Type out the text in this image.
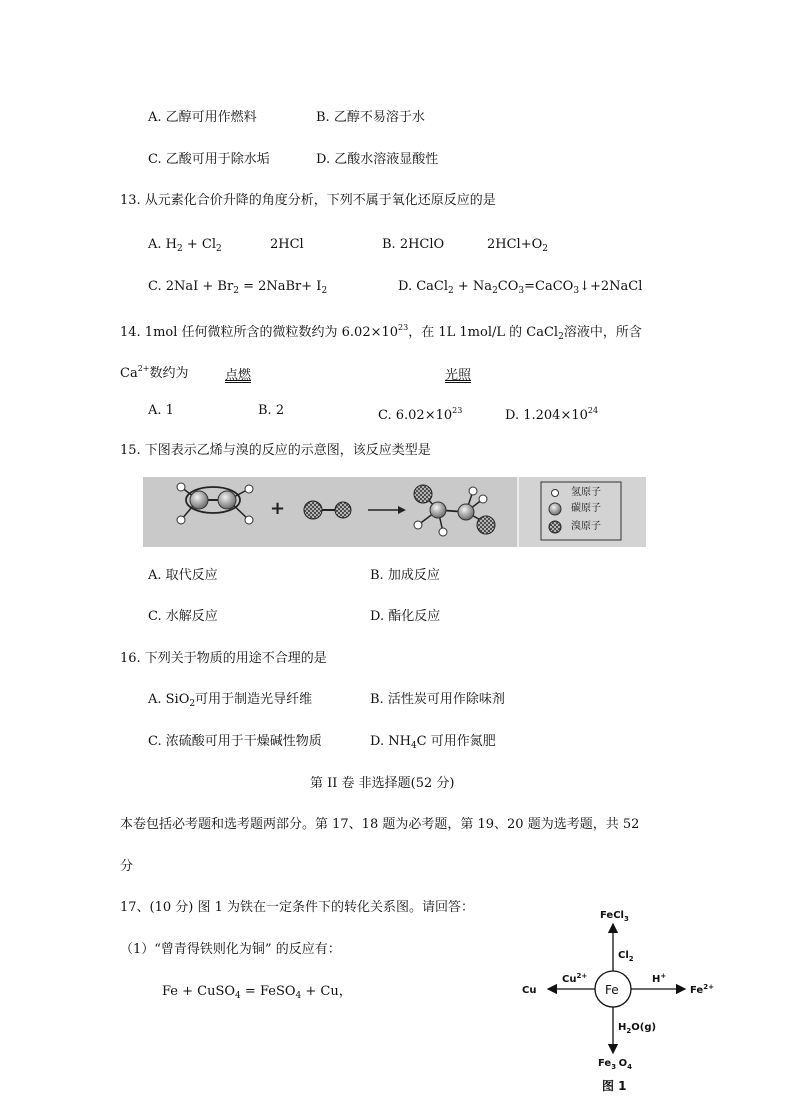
A. 乙醇可用作燃料	B. 乙醇不易溶于水
C. 乙酸可用于除水垢	D. 乙酸水溶液显酸性
13. 从元素化合价升降的角度分析，下列不属于氧化还原反应的是
A. $H_2 + Cl_2$	2HCl	B. 2HClO	$2HCl+O_2$
C. $2NaI + Br_2$ = 2NaBr+ $I_2$	D. CaCl$_2$ + $Na_2CO_3=CaCO_3↓+2NaCl$
14. 1mol 任何微粒所含的微粒数约为 $6.02\times 10^{23}$，在 1L 1mol/L 的 CaCl$_2$溶液中，所含
$Ca^{2+}$数约为	点燃	光照
A. 1	B. 2	C. $6.02\times 10^{23}$	D. $1.204\times 10^{24}$
15. 下图表示乙烯与溴的反应的示意图，该反应类型是
+
氢原子
碳原子
溴原子
A. 取代反应	B. 加成反应
C. 水解反应	D. 酯化反应
16. 下列关于物质的用途不合理的是
A. SiO$_2$可用于制造光导纤维	B. 活性炭可用作除味剂
C. 浓硫酸可用于干燥碱性物质	D. $NH_4C$ 可用作氮肥
第 II 卷 非选择题(52 分)
本卷包括必考题和选考题两部分。第 17、18 题为必考题，第 19、20 题为选考题，共 52
分
17、(10 分) 图 1 为铁在一定条件下的转化关系图。请回答：
（1）“曾青得铁则化为铜” 的反应有：
Fe + CuSO$_4$ = FeSO$_4$ + Cu，	Fe
FeCl$_3$
$Cl_2$
Cu
$Cu^{2+}$	H+
$Fe^{2+}$
$H_2O(g)$
$Fe_3$ $O_4$
图 1
